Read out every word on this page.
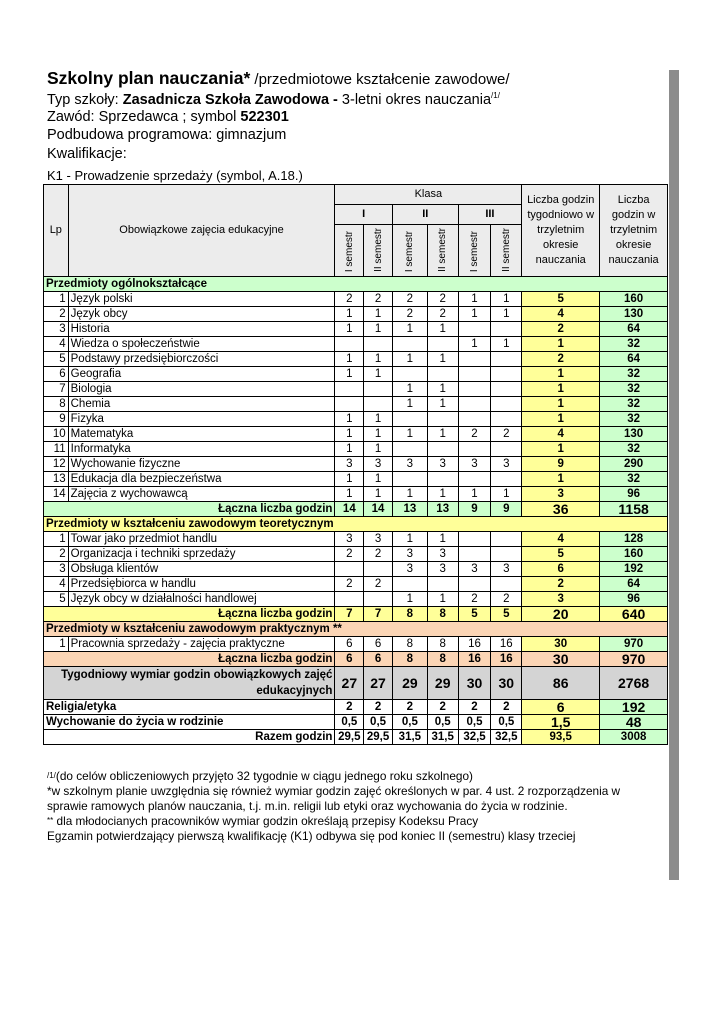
Szkolny plan nauczania* /przedmiotowe kształcenie zawodowe/
Typ szkoły: Zasadnicza Szkoła Zawodowa - 3-letni okres nauczania$^{/1/}$
Zawód: Sprzedawca ; symbol 522301
Podbudowa programowa: gimnazjum
Kwalifikacje:
K1 - Prowadzenie sprzedaży (symbol, A.18.)
Lp	Obowiązkowe zajęcia edukacyjne	Klasa						Liczba godzin tygodniowo w trzyletnim okresie nauczania	Liczba godzin w trzyletnim okresie nauczania
		I		II		III			
		I semestr	II semestr	I semestr	II semestr	I semestr	II semestr		
Przedmioty ogólnokształcące									
1	Język polski	2	2	2	2	1	1	5	160
2	Język obcy	1	1	2	2	1	1	4	130
3	Historia	1	1	1	1			2	64
4	Wiedza o społeczeństwie					1	1	1	32
5	Podstawy przedsiębiorczości	1	1	1	1			2	64
6	Geografia	1	1					1	32
7	Biologia			1	1			1	32
8	Chemia			1	1			1	32
9	Fizyka	1	1					1	32
10	Matematyka	1	1	1	1	2	2	4	130
11	Informatyka	1	1					1	32
12	Wychowanie fizyczne	3	3	3	3	3	3	9	290
13	Edukacja dla bezpieczeństwa	1	1					1	32
14	Zajęcia z wychowawcą	1	1	1	1	1	1	3	96
Łączna liczba godzin		14	14	13	13	9	9	36	1158
Przedmioty w kształceniu zawodowym teoretycznym									
1	Towar jako przedmiot handlu	3	3	1	1			4	128
2	Organizacja i techniki sprzedaży	2	2	3	3			5	160
3	Obsługa klientów			3	3	3	3	6	192
4	Przedsiębiorca w handlu	2	2					2	64
5	Język obcy w działalności handlowej			1	1	2	2	3	96
Łączna liczba godzin		7	7	8	8	5	5	20	640
Przedmioty w kształceniu zawodowym praktycznym **									
1	Pracownia sprzedaży - zajęcia praktyczne	6	6	8	8	16	16	30	970
Łączna liczba godzin		6	6	8	8	16	16	30	970
Tygodniowy wymiar godzin obowiązkowych zajęć edukacyjnych		27	27	29	29	30	30	86	2768
Religia/etyka		2	2	2	2	2	2	6	192
Wychowanie do życia w rodzinie		0,5	0,5	0,5	0,5	0,5	0,5	1,5	48
Razem godzin		29,5	29,5	31,5	31,5	32,5	32,5	93,5	3008

$^{/1/}$(do celów obliczeniowych przyjęto 32 tygodnie w ciągu jednego roku szkolnego)

*w szkolnym planie uwzględnia się również wymiar godzin zajęć określonych w par. 4 ust. 2 rozporządzenia w sprawie ramowych planów nauczania, t.j. m.in. religii lub etyki oraz wychowania do życia w rodzinie.

** dla młodocianych pracowników wymiar godzin określają przepisy Kodeksu Pracy

Egzamin potwierdzający pierwszą kwalifikację (K1) odbywa się pod koniec II (semestru) klasy trzeciej
